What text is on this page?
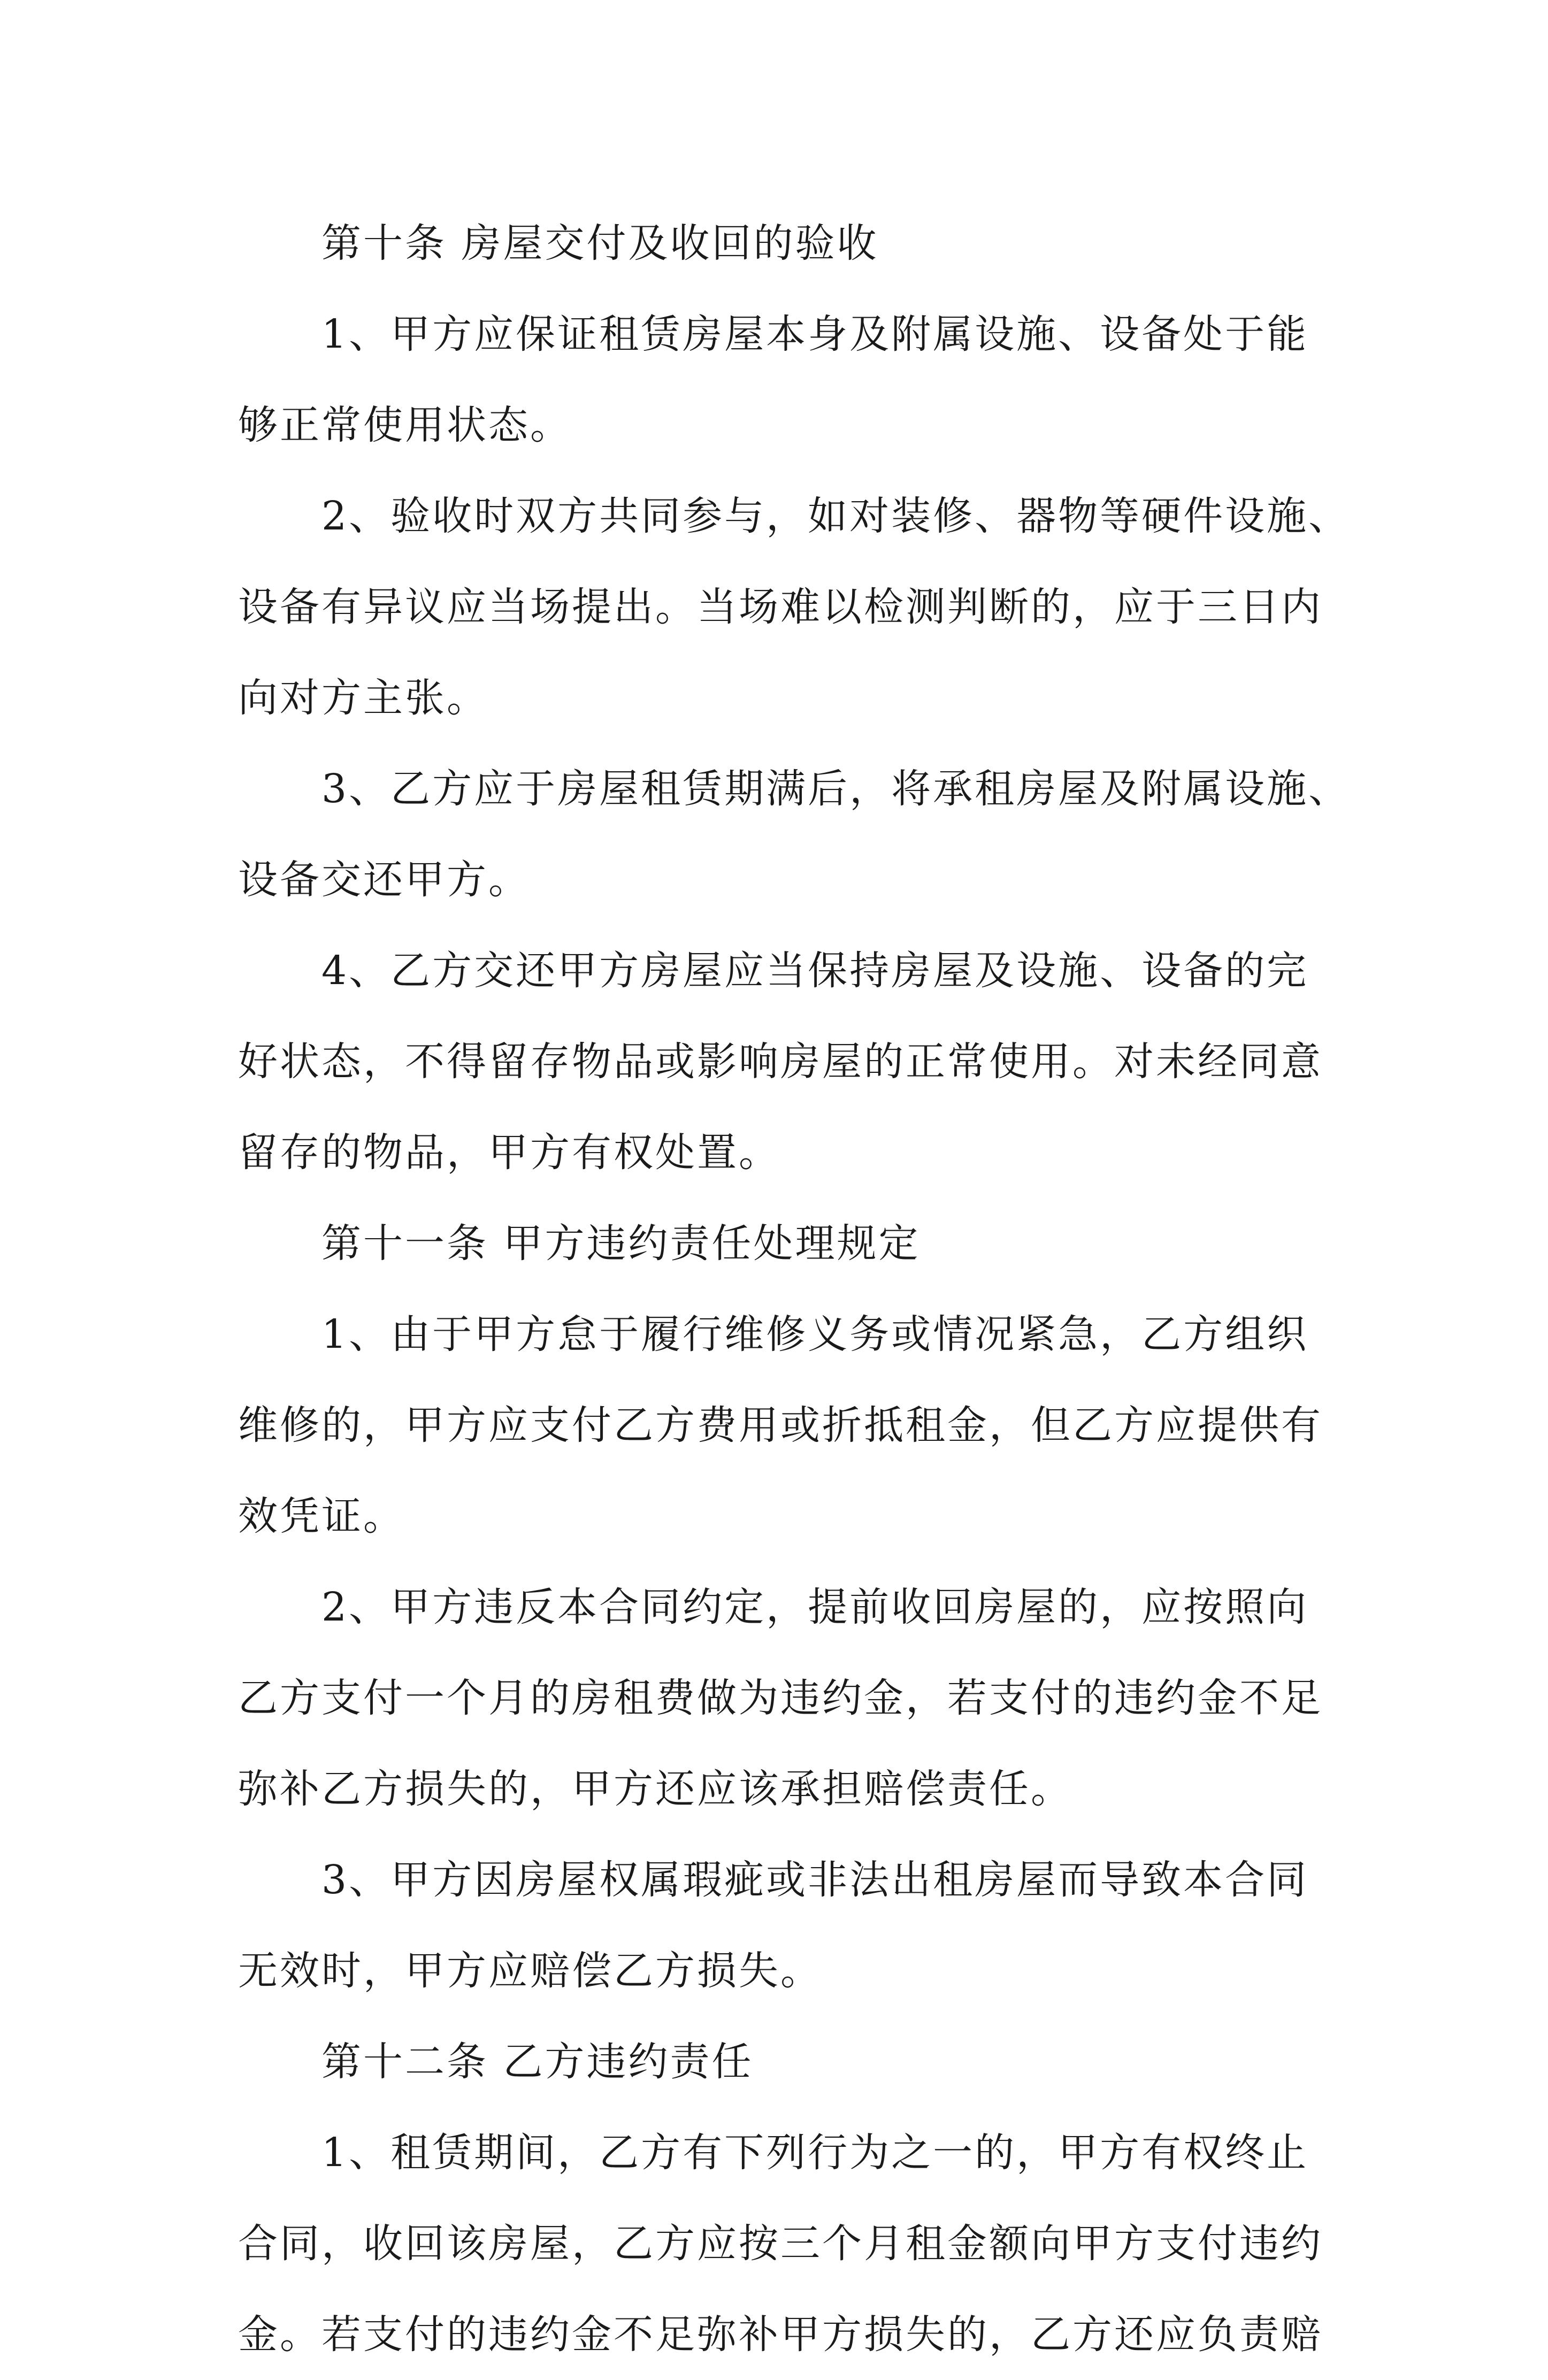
第十条 房屋交付及收回的验收
1、甲方应保证租赁房屋本身及附属设施、设备处于能
够正常使用状态。
2、验收时双方共同参与，如对装修、器物等硬件设施、
设备有异议应当场提出。当场难以检测判断的，应于三日内
向对方主张。
3、乙方应于房屋租赁期满后，将承租房屋及附属设施、
设备交还甲方。
4、乙方交还甲方房屋应当保持房屋及设施、设备的完
好状态，不得留存物品或影响房屋的正常使用。对未经同意
留存的物品，甲方有权处置。
第十一条 甲方违约责任处理规定
1、由于甲方怠于履行维修义务或情况紧急，乙方组织
维修的，甲方应支付乙方费用或折抵租金，但乙方应提供有
效凭证。
2、甲方违反本合同约定，提前收回房屋的，应按照向
乙方支付一个月的房租费做为违约金，若支付的违约金不足
弥补乙方损失的，甲方还应该承担赔偿责任。
3、甲方因房屋权属瑕疵或非法出租房屋而导致本合同
无效时，甲方应赔偿乙方损失。
第十二条 乙方违约责任
1、租赁期间，乙方有下列行为之一的，甲方有权终止
合同，收回该房屋，乙方应按三个月租金额向甲方支付违约
金。若支付的违约金不足弥补甲方损失的，乙方还应负责赔
